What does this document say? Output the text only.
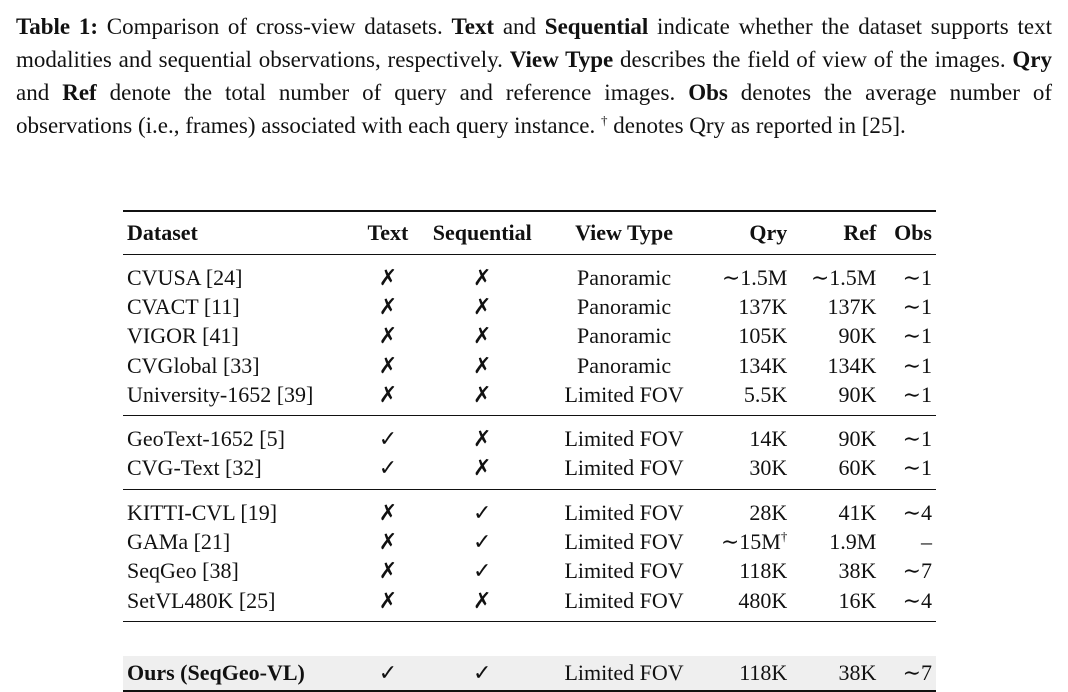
Table 1: Comparison of cross-view datasets. Text and Sequential indicate whether the dataset supports text modalities and sequential observations, respectively. View Type describes the field of view of the images. Qry and Ref denote the total number of query and reference images. Obs denotes the average number of observations (i.e., frames) associated with each query instance. † denotes Qry as reported in [25].
Dataset	Text	Sequential	View Type	Qry	Ref	Obs
CVUSA [24]	✗	✗	Panoramic	∼1.5M	∼1.5M	∼1
CVACT [11]	✗	✗	Panoramic	137K	137K	∼1
VIGOR [41]	✗	✗	Panoramic	105K	90K	∼1
CVGlobal [33]	✗	✗	Panoramic	134K	134K	∼1
University-1652 [39]	✗	✗	Limited FOV	5.5K	90K	∼1
GeoText-1652 [5]	✓	✗	Limited FOV	14K	90K	∼1
CVG-Text [32]	✓	✗	Limited FOV	30K	60K	∼1
KITTI-CVL [19]	✗	✓	Limited FOV	28K	41K	∼4
GAMa [21]	✗	✓	Limited FOV	∼15M†	1.9M	–
SeqGeo [38]	✗	✓	Limited FOV	118K	38K	∼7
SetVL480K [25]	✗	✗	Limited FOV	480K	16K	∼4

Ours (SeqGeo-VL)	✓	✓	Limited FOV	118K	38K	∼7
